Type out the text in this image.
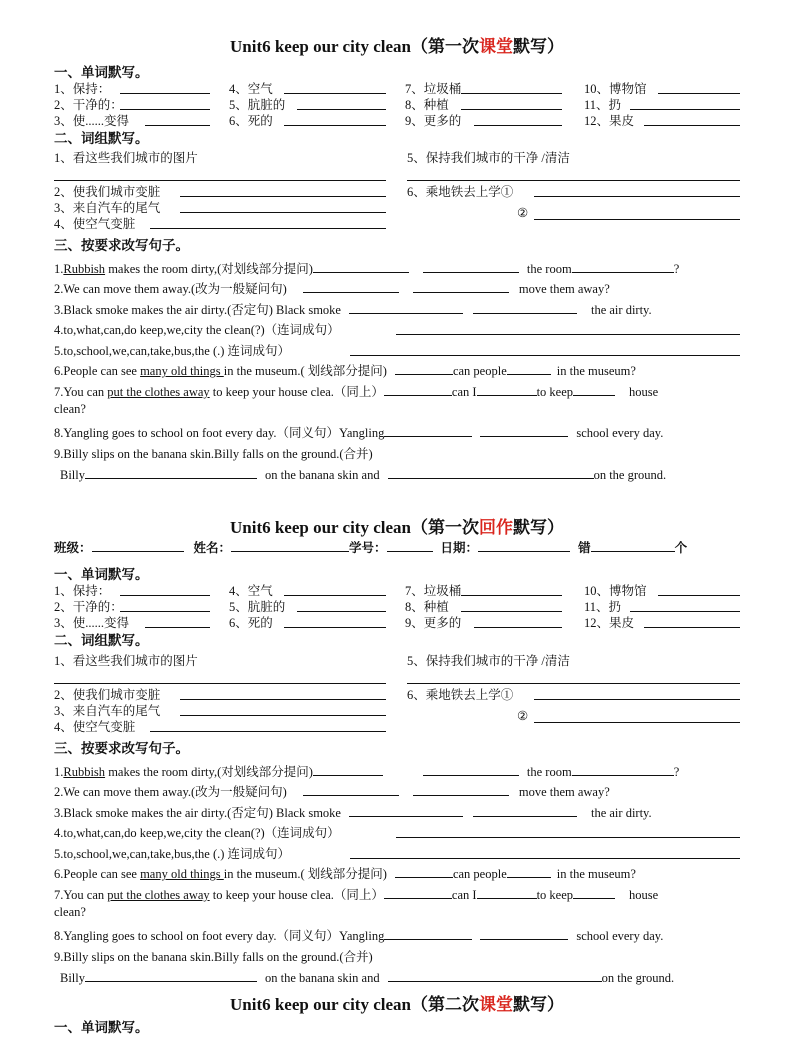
Unit6 keep our city clean（第一次课堂默写）
一、单词默写。
1、保持：	4、空气	7、垃圾桶	10、博物馆
2、干净的：	5、肮脏的	8、种植	11、扔
3、使......变得	6、死的	9、更多的	12、果皮
二、词组默写。
1、看这些我们城市的图片	5、保持我们城市的干净 /清洁
2、使我们城市变脏	6、乘地铁去上学①
3、来自汽车的尾气	②
4、使空气变脏
三、按要求改写句子。
1.Rubbish makes the room dirty,(对划线部分提问)	the room	?
2.We can move them away.(改为一般疑问句)	move them away?
3.Black smoke makes the air dirty.(否定句) Black smoke	the air dirty.
4.to,what,can,do keep,we,city the clean(?)（连词成句）
5.to,school,we,can,take,bus,the (.) 连词成句）
6.People can see many old things in the museum.( 划线部分提问)	can people	in the museum?
7.You can put the clothes away to keep your house clea.（同上）	can I	to keep	house
clean?
8.Yangling goes to school on foot every day.（同义句）Yangling	school every day.
9.Billy slips on the banana skin.Billy falls on the ground.(合并)
Billy	on the banana skin and	on the ground.
Unit6 keep our city clean（第一次回作默写）
班级：	姓名：	学号：	日期：	错	个
一、单词默写。
1、保持：	4、空气	7、垃圾桶	10、博物馆
2、干净的：	5、肮脏的	8、种植	11、扔
3、使......变得	6、死的	9、更多的	12、果皮
二、词组默写。
1、看这些我们城市的图片	5、保持我们城市的干净 /清洁
2、使我们城市变脏	6、乘地铁去上学①
3、来自汽车的尾气	②
4、使空气变脏
三、按要求改写句子。
1.Rubbish makes the room dirty,(对划线部分提问)	the room	?
2.We can move them away.(改为一般疑问句)	move them away?
3.Black smoke makes the air dirty.(否定句) Black smoke	the air dirty.
4.to,what,can,do keep,we,city the clean(?)（连词成句）
5.to,school,we,can,take,bus,the (.) 连词成句）
6.People can see many old things in the museum.( 划线部分提问)	can people	in the museum?
7.You can put the clothes away to keep your house clea.（同上）	can I	to keep	house
clean?
8.Yangling goes to school on foot every day.（同义句）Yangling	school every day.
9.Billy slips on the banana skin.Billy falls on the ground.(合并)
Billy	on the banana skin and	on the ground.
Unit6 keep our city clean（第二次课堂默写）
一、单词默写。
